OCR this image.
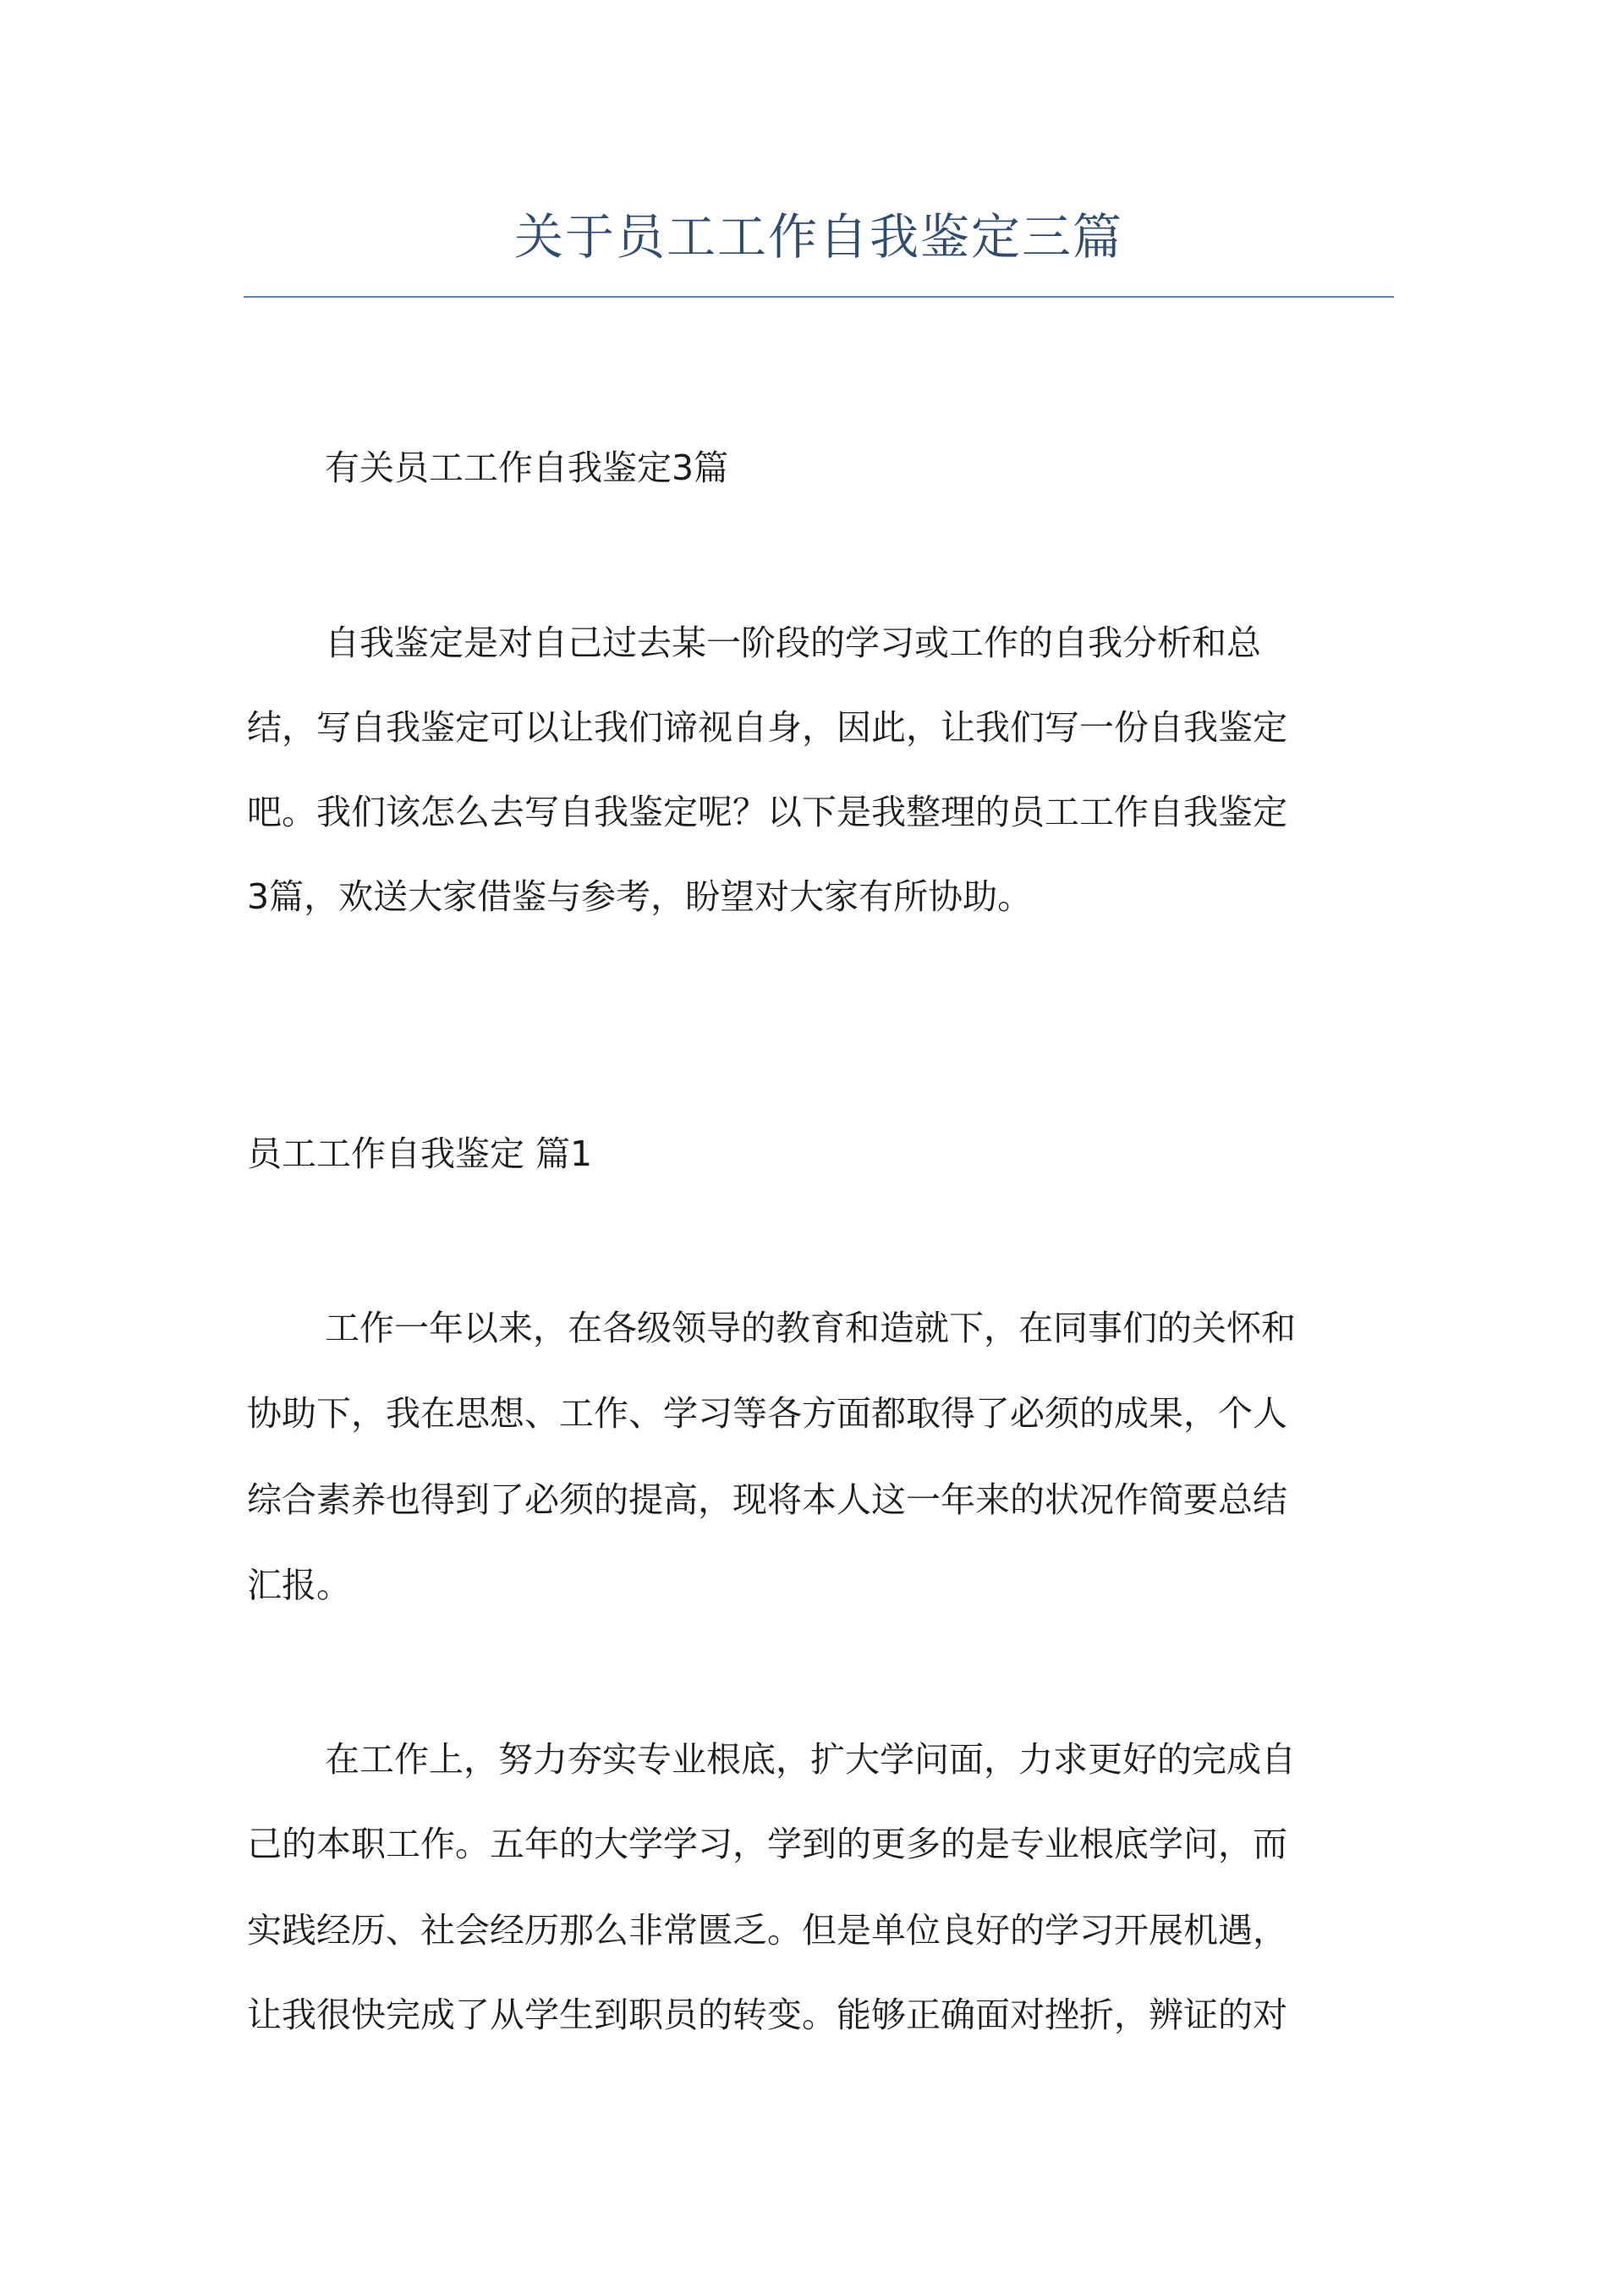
关于员工工作自我鉴定三篇

有关员工工作自我鉴定3篇

自我鉴定是对自己过去某一阶段的学习或工作的自我分析和总

结，写自我鉴定可以让我们谛视自身，因此，让我们写一份自我鉴定

吧。我们该怎么去写自我鉴定呢？以下是我整理的员工工作自我鉴定

3篇，欢送大家借鉴与参考，盼望对大家有所协助。

员工工作自我鉴定 篇1

工作一年以来，在各级领导的教育和造就下，在同事们的关怀和

协助下，我在思想、工作、学习等各方面都取得了必须的成果，个人

综合素养也得到了必须的提高，现将本人这一年来的状况作简要总结

汇报。

在工作上，努力夯实专业根底，扩大学问面，力求更好的完成自

己的本职工作。五年的大学学习，学到的更多的是专业根底学问，而

实践经历、社会经历那么非常匮乏。但是单位良好的学习开展机遇，

让我很快完成了从学生到职员的转变。能够正确面对挫折，辨证的对
